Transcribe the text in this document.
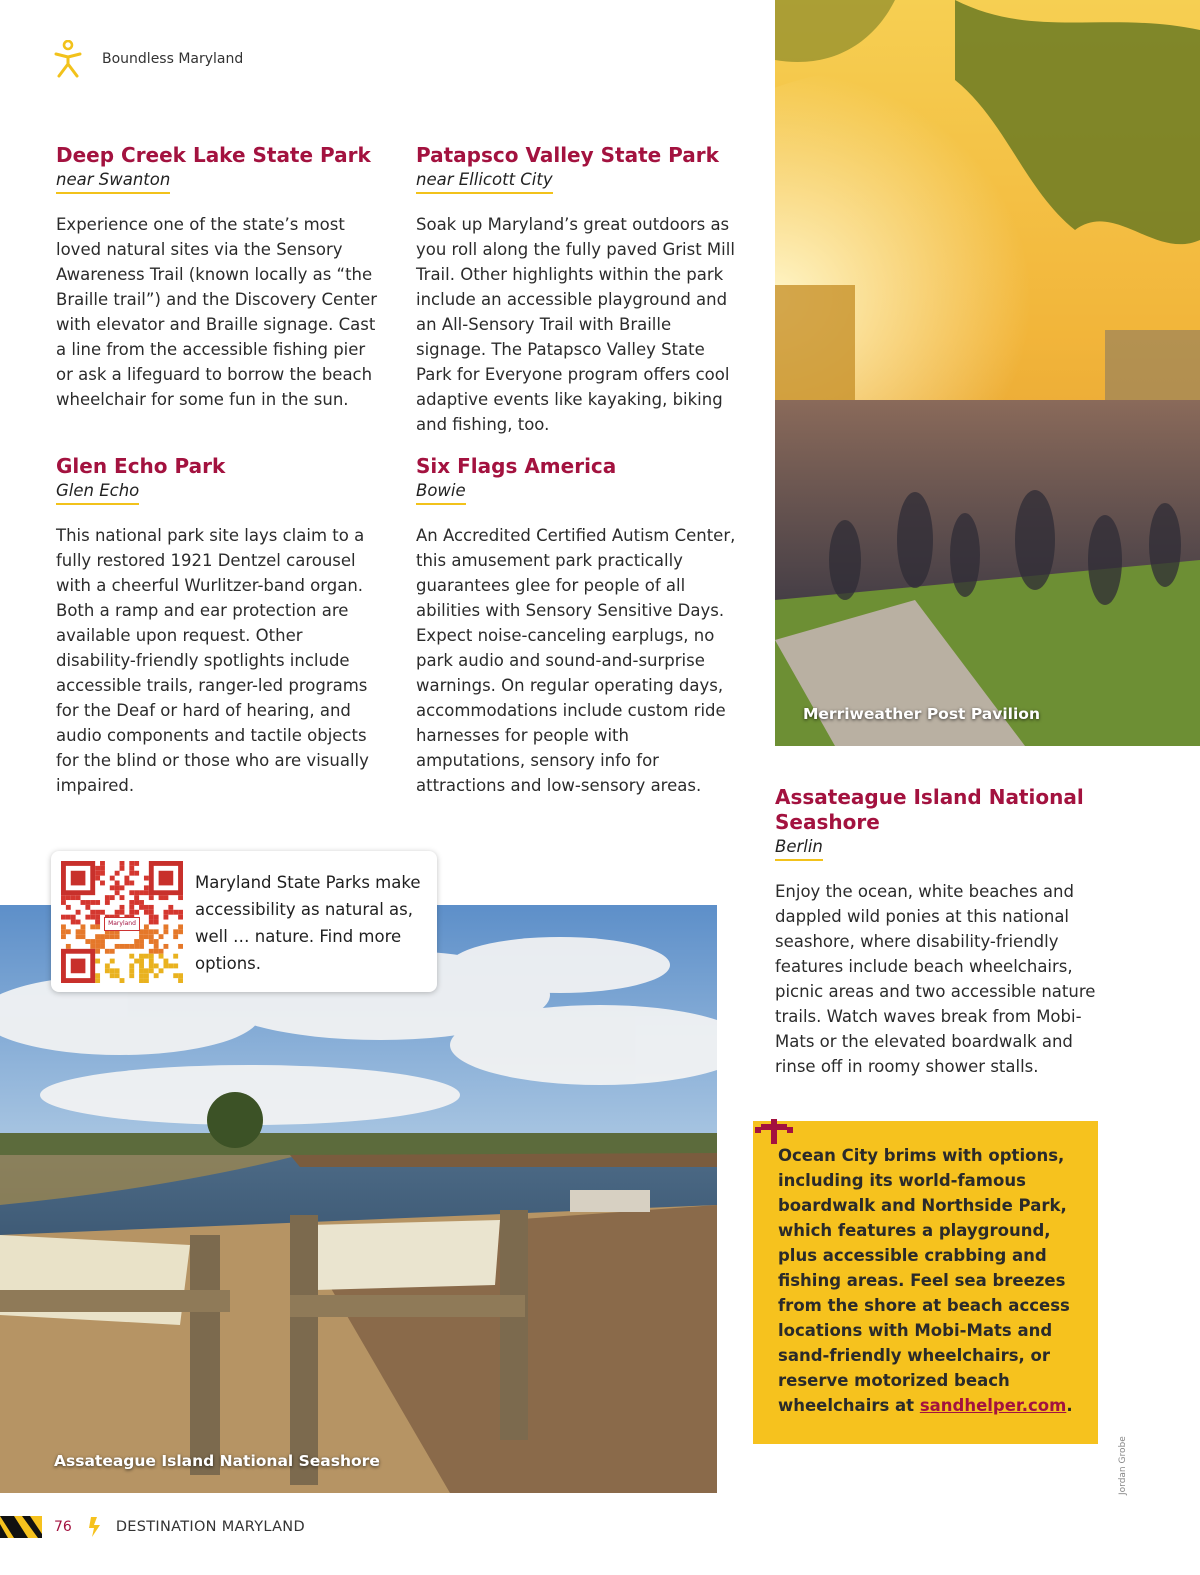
Boundless Maryland
Deep Creek Lake State Park
near Swanton

Experience one of the state’s most loved natural sites via the Sensory Awareness Trail (known locally as “the Braille trail”) and the Discovery Center with elevator and Braille signage. Cast a line from the accessible fishing pier or ask a lifeguard to borrow the beach wheelchair for some fun in the sun.

Patapsco Valley State Park
near Ellicott City

Soak up Maryland’s great outdoors as you roll along the fully paved Grist Mill Trail. Other highlights within the park include an accessible playground and an All-Sensory Trail with Braille signage. The Patapsco Valley State Park for Everyone program offers cool adaptive events like kayaking, biking and fishing, too.

Glen Echo Park
Glen Echo

This national park site lays claim to a fully restored 1921 Dentzel carousel with a cheerful Wurlitzer-band organ. Both a ramp and ear protection are available upon request. Other disability-friendly spotlights include accessible trails, ranger-led programs for the Deaf or hard of hearing, and audio components and tactile objects for the blind or those who are visually impaired.

Six Flags America
Bowie

An Accredited Certified Autism Center, this amusement park practically guarantees glee for people of all abilities with Sensory Sensitive Days. Expect noise-canceling earplugs, no park audio and sound-and-surprise warnings. On regular operating days, accommodations include custom ride harnesses for people with amputations, sensory info for attractions and low-sensory areas.	Assateague Island National Seashore
Berlin

Enjoy the ocean, white beaches and dappled wild ponies at this national seashore, where disability-friendly features include beach wheelchairs, picnic areas and two accessible nature trails. Watch waves break from Mobi-Mats or the elevated boardwalk and rinse off in roomy shower stalls.

Merriweather Post Pavilion
Assateague Island National Seashore
Maryland
Maryland State Parks make accessibility as natural as, well … nature. Find more options.

Ocean City brims with options, including its world-famous boardwalk and Northside Park, which features a playground, plus accessible crabbing and fishing areas. Feel sea breezes from the shore at beach access locations with Mobi-Mats and sand-friendly wheelchairs, or reserve motorized beach wheelchairs at sandhelper.com.

Jordan Grobe
76	DESTINATION MARYLAND
